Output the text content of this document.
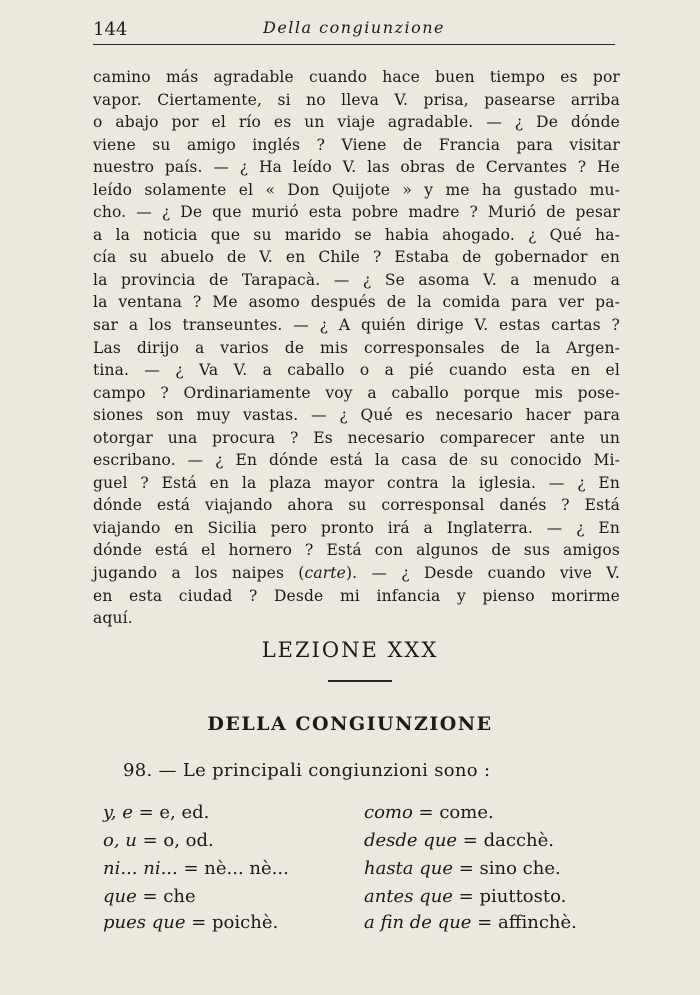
144	Della congiunzione
camino más agradable cuando hace buen tiempo es por
vapor. Ciertamente, si no lleva V. prisa, pasearse arriba
o abajo por el río es un viaje agradable. — ¿ De dónde
viene su amigo inglés ? Viene de Francia para visitar
nuestro país. — ¿ Ha leído V. las obras de Cervantes ? He
leído solamente el « Don Quijote » y me ha gustado mu-
cho. — ¿ De que murió esta pobre madre ? Murió de pesar
a la noticia que su marido se habia ahogado. ¿ Qué ha-
cía su abuelo de V. en Chile ? Estaba de gobernador en
la provincia de Tarapacà. — ¿ Se asoma V. a menudo a
la ventana ? Me asomo después de la comida para ver pa-
sar a los transeuntes. — ¿ A quién dirige V. estas cartas ?
Las dirijo a varios de mis corresponsales de la Argen-
tina. — ¿ Va V. a caballo o a pié cuando esta en el
campo ? Ordinariamente voy a caballo porque mis pose-
siones son muy vastas. — ¿ Qué es necesario hacer para
otorgar una procura ? Es necesario comparecer ante un
escribano. — ¿ En dónde está la casa de su conocido Mi-
guel ? Está en la plaza mayor contra la iglesia. — ¿ En
dónde está viajando ahora su corresponsal danés ? Está
viajando en Sicilia pero pronto irá a Inglaterra. — ¿ En
dónde está el hornero ? Está con algunos de sus amigos
jugando a los naipes (carte). — ¿ Desde cuando vive V.
en esta ciudad ? Desde mi infancia y pienso morirme
aquí.
LEZIONE XXX
DELLA CONGIUNZIONE
98. — Le principali congiunzioni sono :
y, e = e, ed.
o, u = o, od.
ni... ni... = nè... nè...
que = che
pues que = poichè.
como = come.
desde que = dacchè.
hasta que = sino che.
antes que = piuttosto.
a fin de que = affinchè.
